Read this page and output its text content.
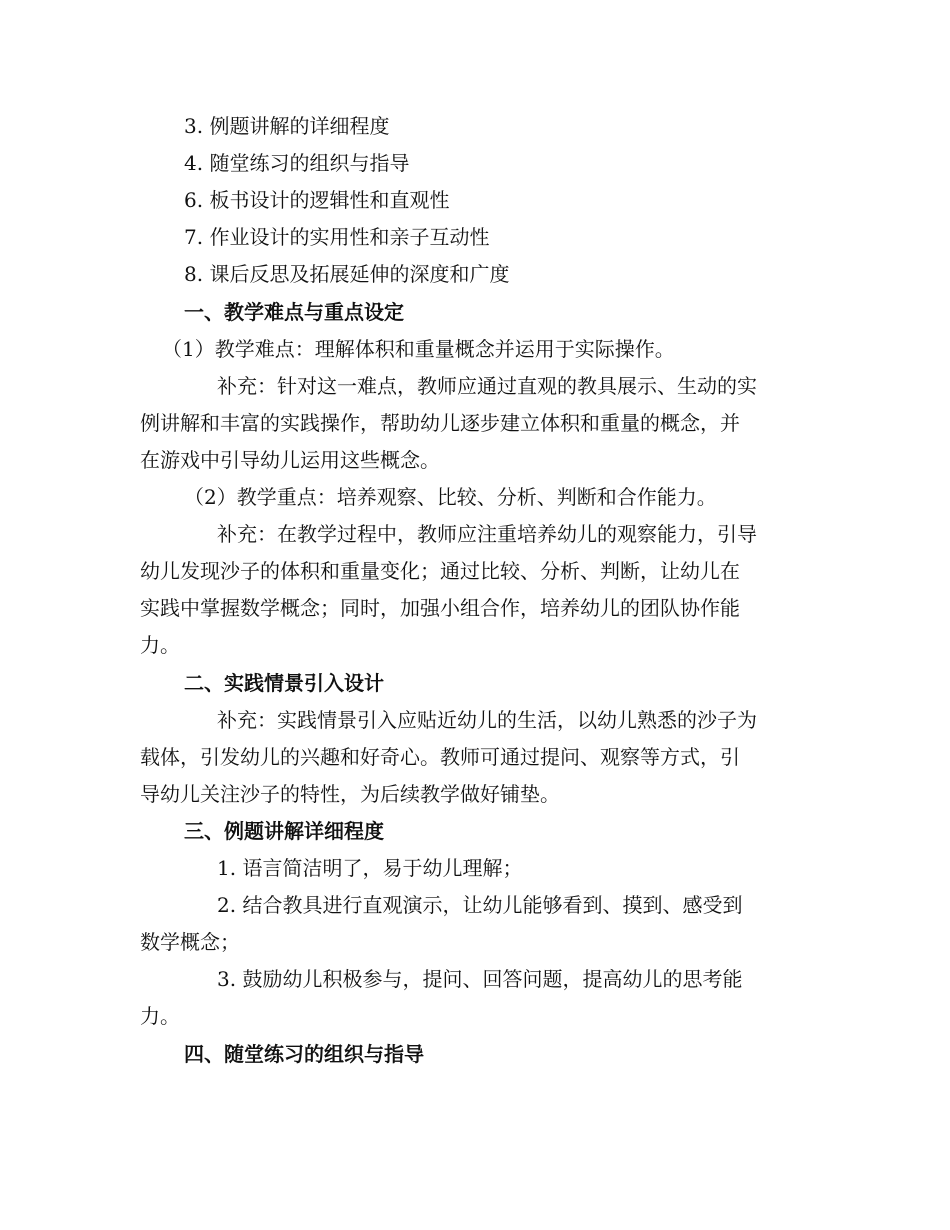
3. 例题讲解的详细程度
4. 随堂练习的组织与指导
6. 板书设计的逻辑性和直观性
7. 作业设计的实用性和亲子互动性
8. 课后反思及拓展延伸的深度和广度
一、教学难点与重点设定
（1）教学难点：理解体积和重量概念并运用于实际操作。
补充：针对这一难点，教师应通过直观的教具展示、生动的实
例讲解和丰富的实践操作，帮助幼儿逐步建立体积和重量的概念，并
在游戏中引导幼儿运用这些概念。
（2）教学重点：培养观察、比较、分析、判断和合作能力。
补充：在教学过程中，教师应注重培养幼儿的观察能力，引导
幼儿发现沙子的体积和重量变化；通过比较、分析、判断，让幼儿在
实践中掌握数学概念；同时，加强小组合作，培养幼儿的团队协作能
力。
二、实践情景引入设计
补充：实践情景引入应贴近幼儿的生活，以幼儿熟悉的沙子为
载体，引发幼儿的兴趣和好奇心。教师可通过提问、观察等方式，引
导幼儿关注沙子的特性，为后续教学做好铺垫。
三、例题讲解详细程度
1. 语言简洁明了，易于幼儿理解；
2. 结合教具进行直观演示，让幼儿能够看到、摸到、感受到
数学概念；
3. 鼓励幼儿积极参与，提问、回答问题，提高幼儿的思考能
力。
四、随堂练习的组织与指导
